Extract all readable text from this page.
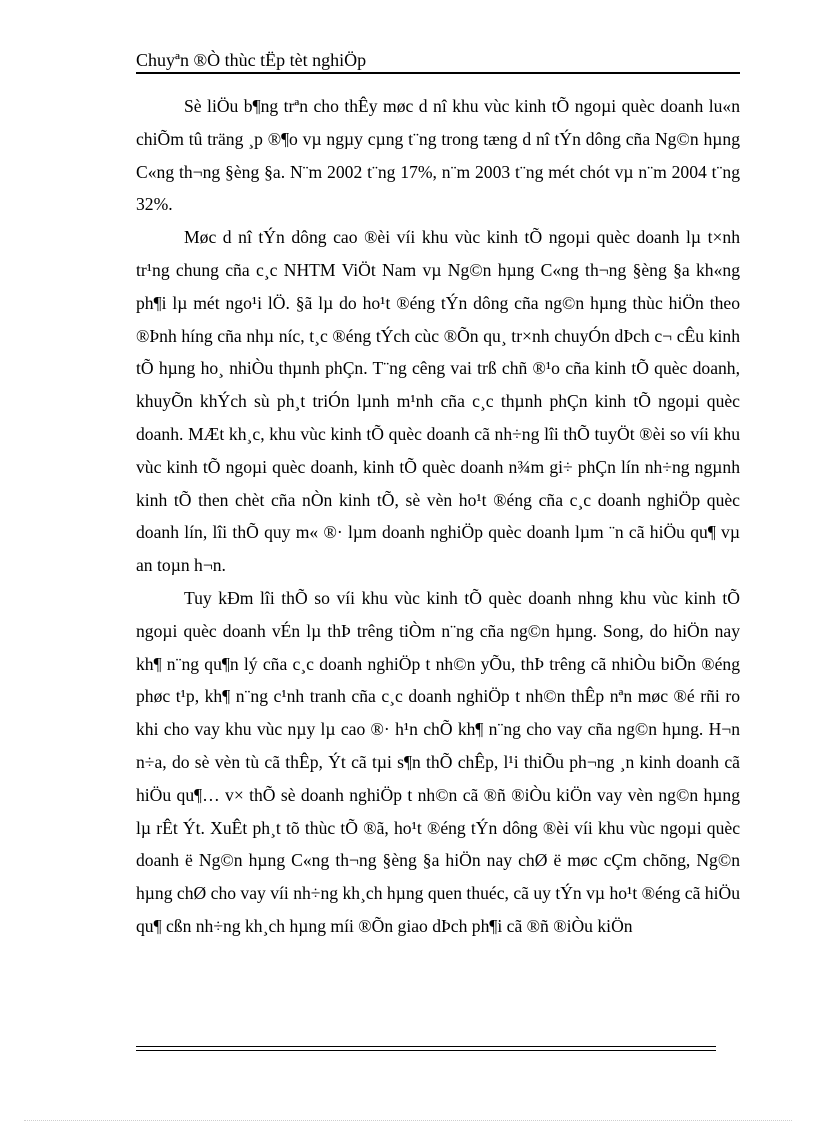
Chuyªn ®Ò thùc tËp tèt nghiÖp

Sè liÖu b¶ng trªn cho thÊy møc d nî khu vùc kinh tÕ ngoµi quèc doanh lu«n chiÕm tû träng ¸p ®¶o vµ ngµy cµng t¨ng trong tæng d nî tÝn dông cña Ng©n hµng C«ng th¬ng §èng §a. N¨m 2002 t¨ng 17%, n¨m 2003 t¨ng mét chót vµ n¨m 2004 t¨ng 32%.

Møc d nî tÝn dông cao ®èi víi khu vùc kinh tÕ ngoµi quèc doanh lµ t×nh tr¹ng chung cña c¸c NHTM ViÖt Nam vµ Ng©n hµng C«ng th¬ng §èng §a kh«ng ph¶i lµ mét ngo¹i lÖ. §ã lµ do ho¹t ®éng tÝn dông cña ng©n hµng thùc hiÖn theo ®Þnh híng cña nhµ níc, t¸c ®éng tÝch cùc ®Õn qu¸ tr×nh chuyÓn dÞch c¬ cÊu kinh tÕ hµng ho¸ nhiÒu thµnh phÇn. T¨ng cêng vai trß chñ ®¹o cña kinh tÕ quèc doanh, khuyÕn khÝch sù ph¸t triÓn lµnh m¹nh cña c¸c thµnh phÇn kinh tÕ ngoµi quèc doanh. MÆt kh¸c, khu vùc kinh tÕ quèc doanh cã nh÷ng lîi thÕ tuyÖt ®èi so víi khu vùc kinh tÕ ngoµi quèc doanh, kinh tÕ quèc doanh n¾m gi÷ phÇn lín nh÷ng ngµnh kinh tÕ then chèt cña nÒn kinh tÕ, sè vèn ho¹t ®éng cña c¸c doanh nghiÖp quèc doanh lín, lîi thÕ quy m« ®· lµm doanh nghiÖp quèc doanh lµm ¨n cã hiÖu qu¶ vµ an toµn h¬n.

Tuy kÐm lîi thÕ so víi khu vùc kinh tÕ quèc doanh nhng khu vùc kinh tÕ ngoµi quèc doanh vÉn lµ thÞ trêng tiÒm n¨ng cña ng©n hµng. Song, do hiÖn nay kh¶ n¨ng qu¶n lý cña c¸c doanh nghiÖp t nh©n yÕu, thÞ trêng cã nhiÒu biÕn ®éng phøc t¹p, kh¶ n¨ng c¹nh tranh cña c¸c doanh nghiÖp t nh©n thÊp nªn møc ®é rñi ro khi cho vay khu vùc nµy lµ cao ®· h¹n chÕ kh¶ n¨ng cho vay cña ng©n hµng. H¬n n÷a, do sè vèn tù cã thÊp, Ýt cã tµi s¶n thÕ chÊp, l¹i thiÕu ph¬ng ¸n kinh doanh cã hiÖu qu¶… v× thÕ sè doanh nghiÖp t nh©n cã ®ñ ®iÒu kiÖn vay vèn ng©n hµng lµ rÊt Ýt. XuÊt ph¸t tõ thùc tÕ ®ã, ho¹t ®éng tÝn dông ®èi víi khu vùc ngoµi quèc doanh ë Ng©n hµng C«ng th¬ng §èng §a hiÖn nay chØ ë møc cÇm chõng, Ng©n hµng chØ cho vay víi nh÷ng kh¸ch hµng quen thuéc, cã uy tÝn vµ ho¹t ®éng cã hiÖu qu¶ cßn nh÷ng kh¸ch hµng míi ®Õn giao dÞch ph¶i cã ®ñ ®iÒu kiÖn
